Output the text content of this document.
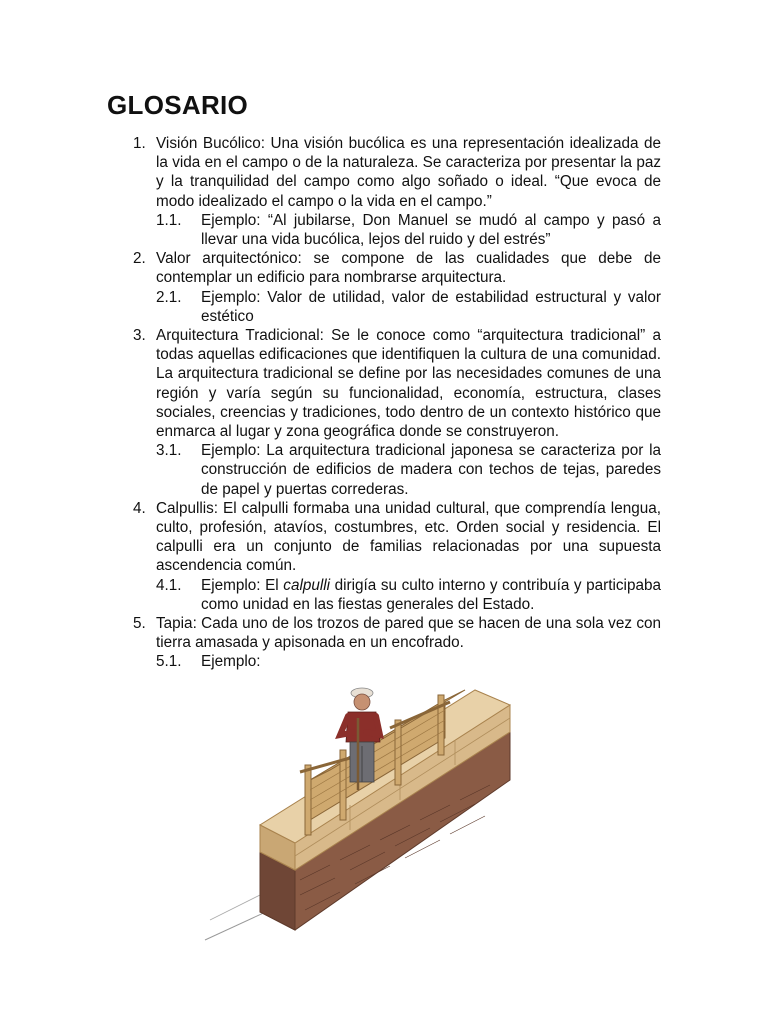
GLOSARIO
1. Visión Bucólico: Una visión bucólica es una representación idealizada de la vida en el campo o de la naturaleza. Se caracteriza por presentar la paz y la tranquilidad del campo como algo soñado o ideal. “Que evoca de modo idealizado el campo o la vida en el campo.”
1.1. Ejemplo: “Al jubilarse, Don Manuel se mudó al campo y pasó a llevar una vida bucólica, lejos del ruido y del estrés”
2. Valor arquitectónico: se compone de las cualidades que debe de contemplar un edificio para nombrarse arquitectura.
2.1. Ejemplo: Valor de utilidad, valor de estabilidad estructural y valor estético
3. Arquitectura Tradicional: Se le conoce como “arquitectura tradicional” a todas aquellas edificaciones que identifiquen la cultura de una comunidad. La arquitectura tradicional se define por las necesidades comunes de una región y varía según su funcionalidad, economía, estructura, clases sociales, creencias y tradiciones, todo dentro de un contexto histórico que enmarca al lugar y zona geográfica donde se construyeron.
3.1. Ejemplo: La arquitectura tradicional japonesa se caracteriza por la construcción de edificios de madera con techos de tejas, paredes de papel y puertas correderas.
4. Calpullis: El calpulli formaba una unidad cultural, que comprendía lengua, culto, profesión, atavíos, costumbres, etc. Orden social y residencia. El calpulli era un conjunto de familias relacionadas por una supuesta ascendencia común.
4.1. Ejemplo: El calpulli dirigía su culto interno y contribuía y participaba como unidad en las fiestas generales del Estado.
5. Tapia: Cada uno de los trozos de pared que se hacen de una sola vez con tierra amasada y apisonada en un encofrado.
5.1. Ejemplo:
